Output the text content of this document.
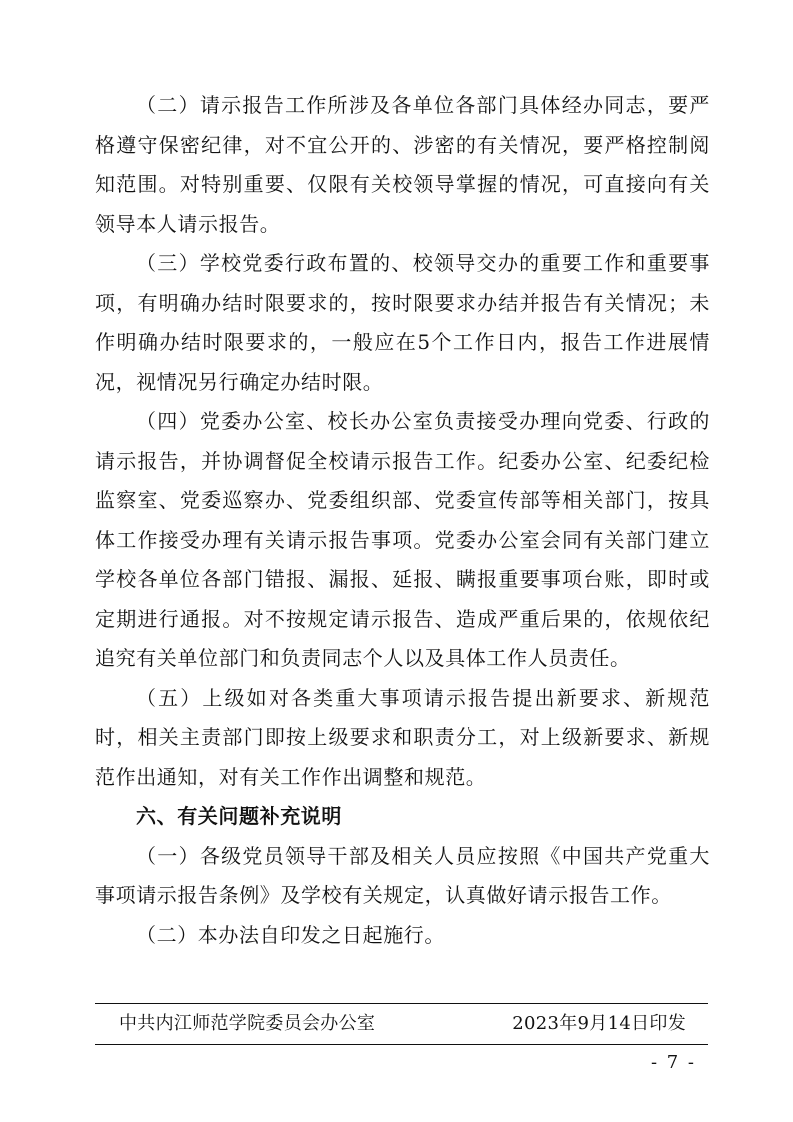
（二）请示报告工作所涉及各单位各部门具体经办同志，要严格遵守保密纪律，对不宜公开的、涉密的有关情况，要严格控制阅知范围。对特别重要、仅限有关校领导掌握的情况，可直接向有关领导本人请示报告。

（三）学校党委行政布置的、校领导交办的重要工作和重要事项，有明确办结时限要求的，按时限要求办结并报告有关情况；未作明确办结时限要求的，一般应在5个工作日内，报告工作进展情况，视情况另行确定办结时限。

（四）党委办公室、校长办公室负责接受办理向党委、行政的请示报告，并协调督促全校请示报告工作。纪委办公室、纪委纪检监察室、党委巡察办、党委组织部、党委宣传部等相关部门，按具体工作接受办理有关请示报告事项。党委办公室会同有关部门建立学校各单位各部门错报、漏报、延报、瞒报重要事项台账，即时或定期进行通报。对不按规定请示报告、造成严重后果的，依规依纪追究有关单位部门和负责同志个人以及具体工作人员责任。

（五）上级如对各类重大事项请示报告提出新要求、新规范时，相关主责部门即按上级要求和职责分工，对上级新要求、新规范作出通知，对有关工作作出调整和规范。

六、有关问题补充说明

（一）各级党员领导干部及相关人员应按照《中国共产党重大事项请示报告条例》及学校有关规定，认真做好请示报告工作。

（二）本办法自印发之日起施行。

中共内江师范学院委员会办公室	2023年9月14日印发
- 7 -
